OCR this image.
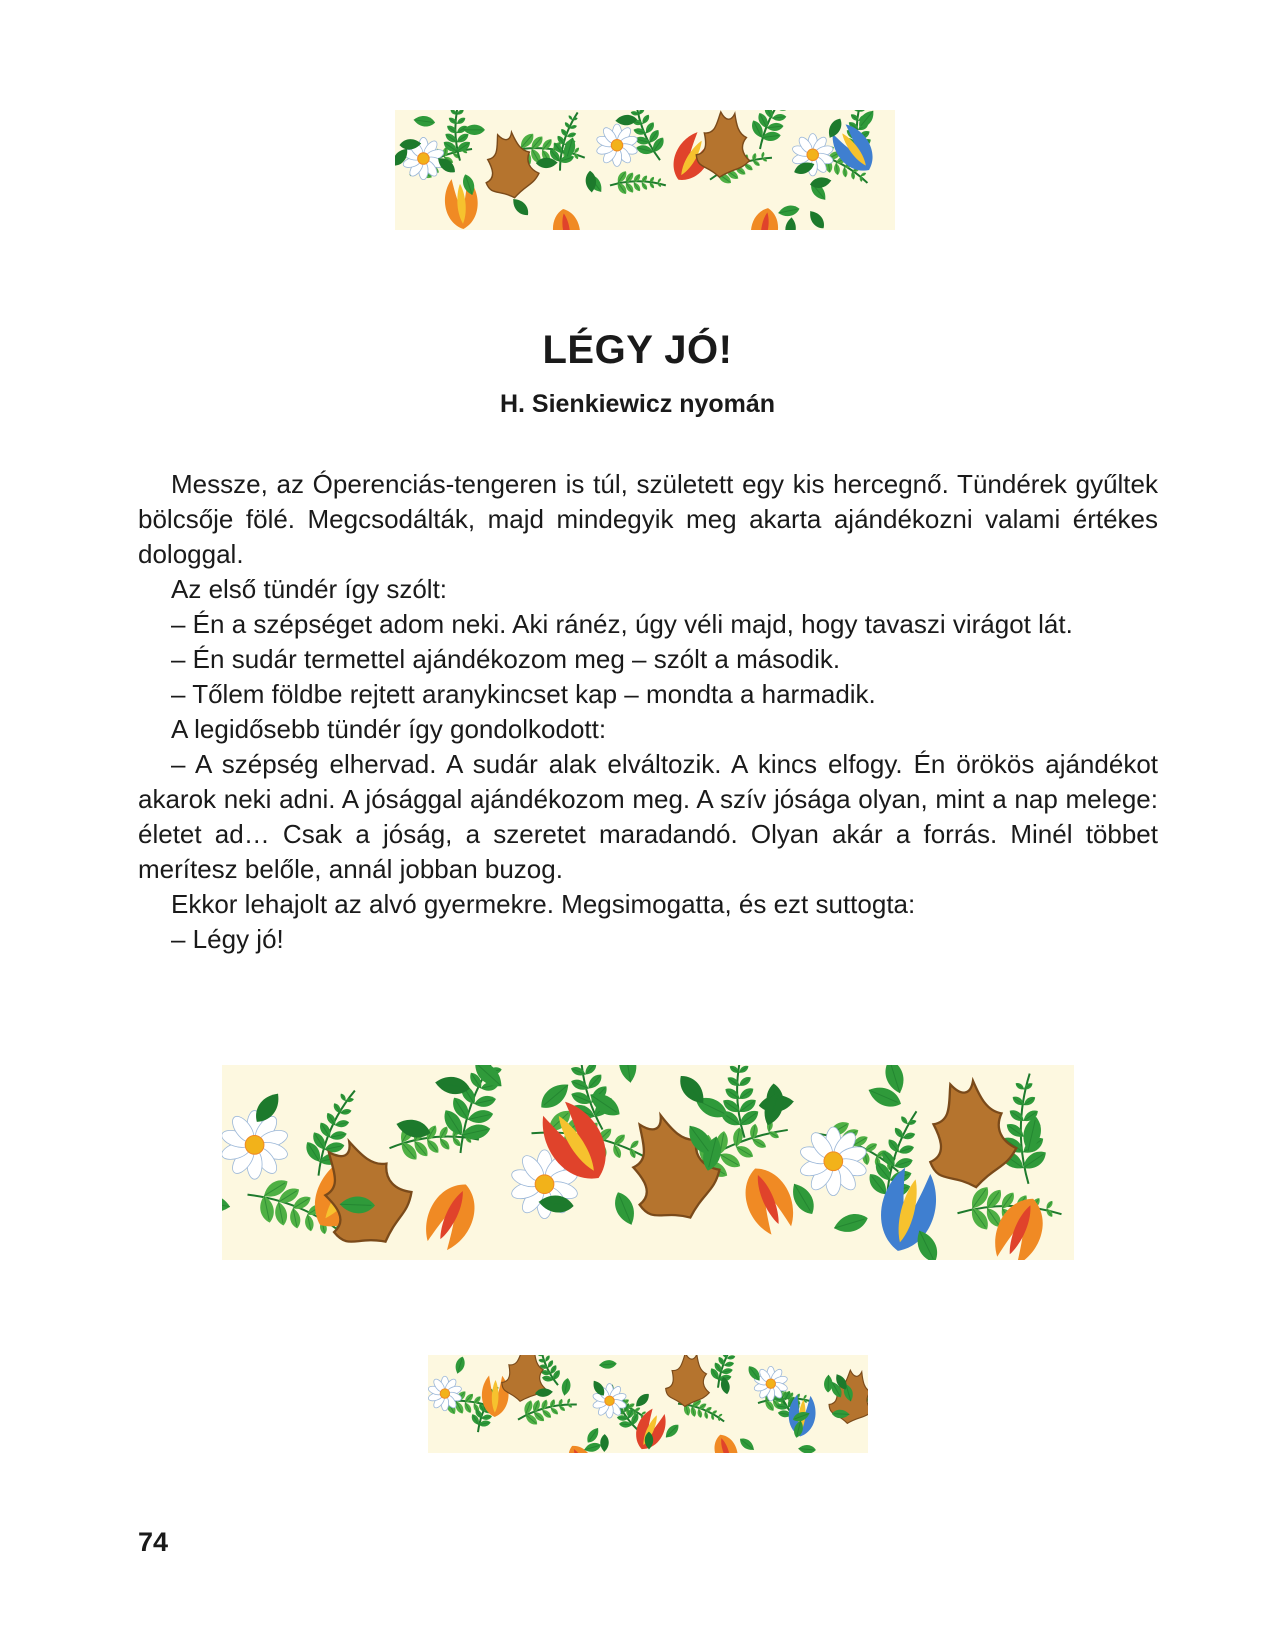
LÉGY JÓ!
H. Sienkiewicz nyomán

Messze, az Óperenciás-tengeren is túl, született egy kis hercegnő. Tündérek gyűltek bölcsője fölé. Megcsodálták, majd mindegyik meg akarta ajándékozni valami értékes dologgal.

Az első tündér így szólt:

– Én a szépséget adom neki. Aki ránéz, úgy véli majd, hogy tavaszi virágot lát.

– Én sudár termettel ajándékozom meg – szólt a második.

– Tőlem földbe rejtett aranykincset kap – mondta a harmadik.

A legidősebb tündér így gondolkodott:

– A szépség elhervad. A sudár alak elváltozik. A kincs elfogy. Én örökös ajándékot akarok neki adni. A jósággal ajándékozom meg. A szív jósága olyan, mint a nap melege: életet ad… Csak a jóság, a szeretet maradandó. Olyan akár a forrás. Minél többet merítesz belőle, annál jobban buzog.

Ekkor lehajolt az alvó gyermekre. Megsimogatta, és ezt suttogta:

– Légy jó!

74
